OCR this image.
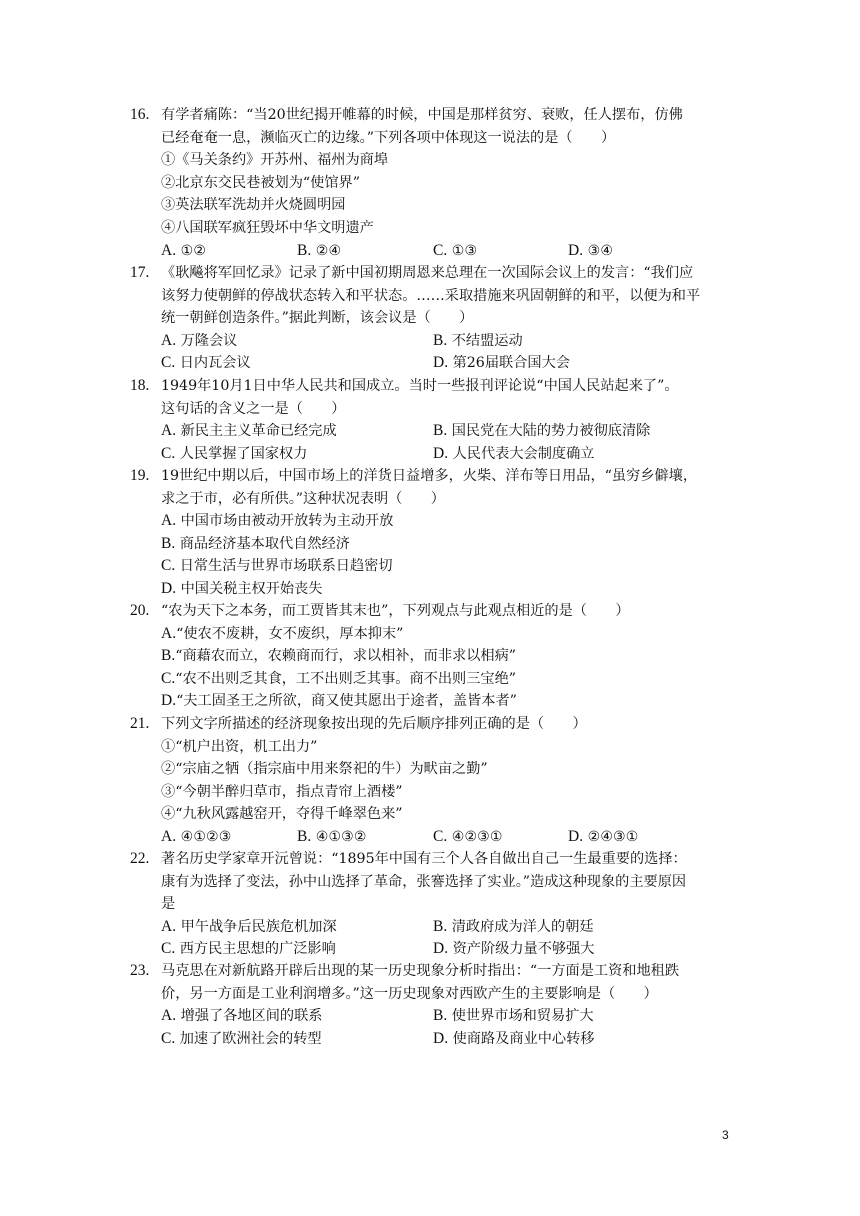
16. 有学者痛陈：“当20世纪揭开帷幕的时候，中国是那样贫穷、衰败，任人摆布，仿佛
已经奄奄一息，濒临灭亡的边缘。”下列各项中体现这一说法的是（　　）
①《马关条约》开苏州、福州为商埠
②北京东交民巷被划为“使馆界”
③英法联军洗劫并火烧圆明园
④八国联军疯狂毁坏中华文明遗产
A. ①②	B. ②④	C. ①③	D. ③④
17. 《耿飚将军回忆录》记录了新中国初期周恩来总理在一次国际会议上的发言：“我们应
该努力使朝鲜的停战状态转入和平状态。……采取措施来巩固朝鲜的和平，以便为和平
统一朝鲜创造条件。”据此判断，该会议是（　　）
A. 万隆会议	B. 不结盟运动
C. 日内瓦会议	D. 第26届联合国大会
18. 1949年10月1日中华人民共和国成立。当时一些报刊评论说“中国人民站起来了”。
这句话的含义之一是（　　）
A. 新民主主义革命已经完成	B. 国民党在大陆的势力被彻底清除
C. 人民掌握了国家权力	D. 人民代表大会制度确立
19. 19世纪中期以后，中国市场上的洋货日益增多，火柴、洋布等日用品，“虽穷乡僻壤，
求之于市，必有所供。”这种状况表明（　　）
A. 中国市场由被动开放转为主动开放
B. 商品经济基本取代自然经济
C. 日常生活与世界市场联系日趋密切
D. 中国关税主权开始丧失
20. “农为天下之本务，而工贾皆其末也”，下列观点与此观点相近的是（　　）
A.“使农不废耕，女不废织，厚本抑末”
B.“商藉农而立，农赖商而行，求以相补，而非求以相病”
C.“农不出则乏其食，工不出则乏其事。商不出则三宝绝”
D.“夫工固圣王之所欲，商又使其愿出于途者，盖皆本者”
21. 下列文字所描述的经济现象按出现的先后顺序排列正确的是（　　）
①“机户出资，机工出力”
②“宗庙之牺（指宗庙中用来祭祀的牛）为畎亩之勤”
③“今朝半醉归草市，指点青帘上酒楼”
④“九秋风露越窑开，夺得千峰翠色来”
A. ④①②③	B. ④①③②	C. ④②③①	D. ②④③①
22. 著名历史学家章开沅曾说：“1895年中国有三个人各自做出自己一生最重要的选择：
康有为选择了变法，孙中山选择了革命，张謇选择了实业。”造成这种现象的主要原因
是
A. 甲午战争后民族危机加深	B. 清政府成为洋人的朝廷
C. 西方民主思想的广泛影响	D. 资产阶级力量不够强大
23. 马克思在对新航路开辟后出现的某一历史现象分析时指出：“一方面是工资和地租跌
价，另一方面是工业利润增多。”这一历史现象对西欧产生的主要影响是（　　）
A. 增强了各地区间的联系	B. 使世界市场和贸易扩大
C. 加速了欧洲社会的转型	D. 使商路及商业中心转移
3
